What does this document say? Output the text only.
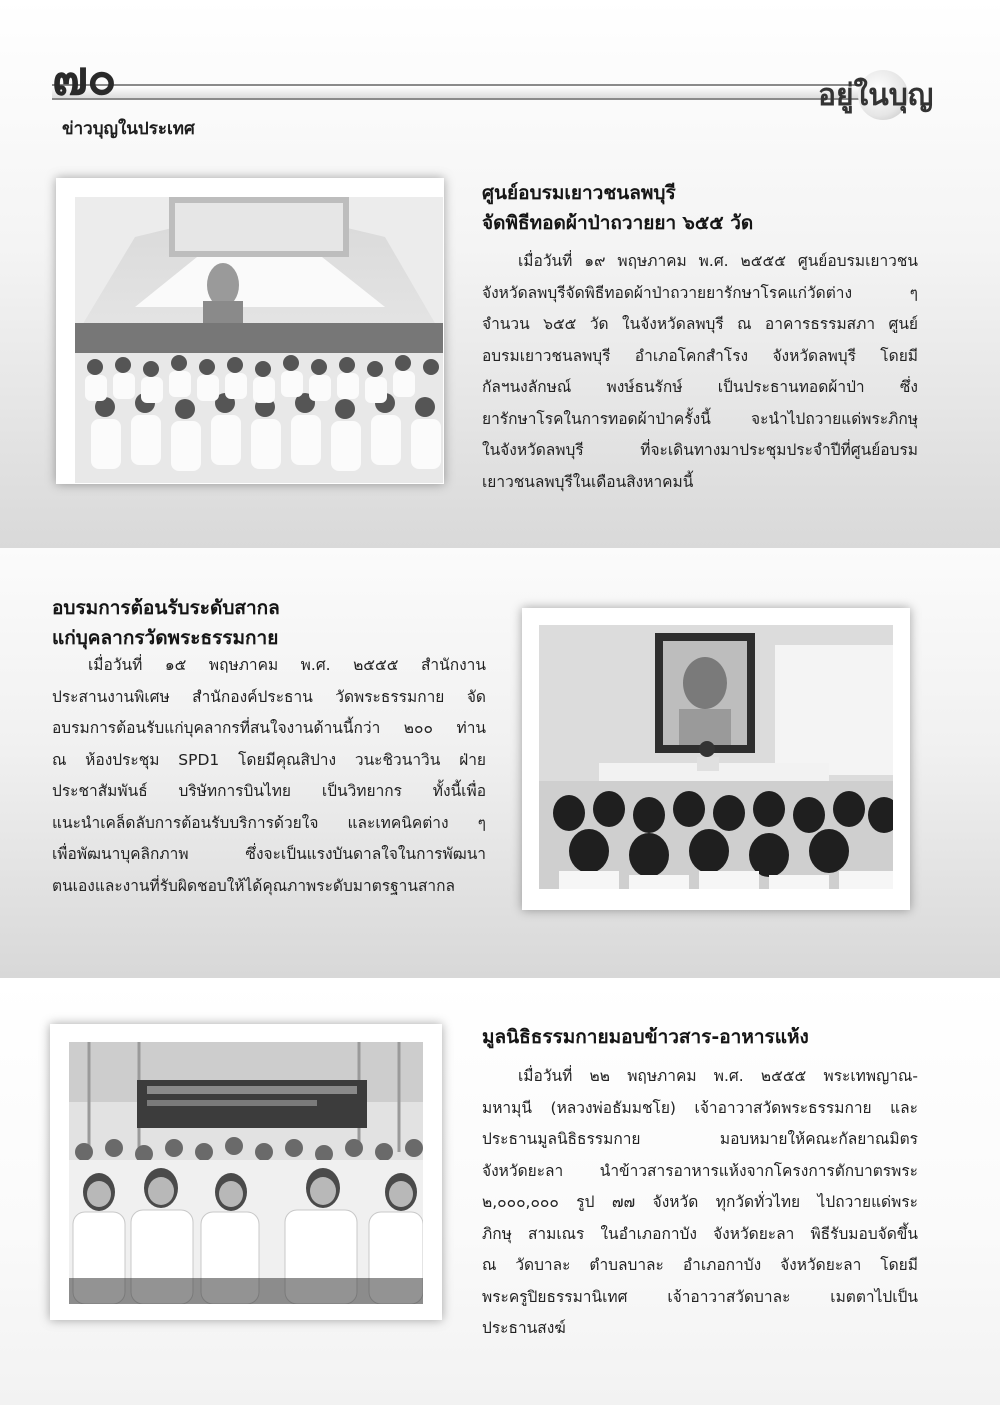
๗๐	อยู่ในบุญ
ข่าวบุญในประเทศ
ศูนย์อบรมเยาวชนลพบุรี
จัดพิธีทอดผ้าป่าถวายยา ๖๕๕ วัด
เมื่อวันที่ ๑๙ พฤษภาคม พ.ศ. ๒๕๕๕ ศูนย์อบรมเยาวชน
จังหวัดลพบุรีจัดพิธีทอดผ้าป่าถวายยารักษาโรคแก่วัดต่าง ๆ
จำนวน ๖๕๕ วัด ในจังหวัดลพบุรี ณ อาคารธรรมสภา ศูนย์
อบรมเยาวชนลพบุรี อำเภอโคกสำโรง จังหวัดลพบุรี โดยมี
กัลฯนงลักษณ์ พงษ์ธนรักษ์ เป็นประธานทอดผ้าป่า ซึ่ง
ยารักษาโรคในการทอดผ้าป่าครั้งนี้ จะนำไปถวายแด่พระภิกษุ
ในจังหวัดลพบุรี ที่จะเดินทางมาประชุมประจำปีที่ศูนย์อบรม
เยาวชนลพบุรีในเดือนสิงหาคมนี้
อบรมการต้อนรับระดับสากล
แก่บุคลากรวัดพระธรรมกาย
เมื่อวันที่ ๑๕ พฤษภาคม พ.ศ. ๒๕๕๕ สำนักงาน
ประสานงานพิเศษ สำนักองค์ประธาน วัดพระธรรมกาย จัด
อบรมการต้อนรับแก่บุคลากรที่สนใจงานด้านนี้กว่า ๒๐๐ ท่าน
ณ ห้องประชุม SPD1 โดยมีคุณสิปาง วนะชิวนาวิน ฝ่าย
ประชาสัมพันธ์ บริษัทการบินไทย เป็นวิทยากร ทั้งนี้เพื่อ
แนะนำเคล็ดลับการต้อนรับบริการด้วยใจ และเทคนิคต่าง ๆ
เพื่อพัฒนาบุคลิกภาพ ซึ่งจะเป็นแรงบันดาลใจในการพัฒนา
ตนเองและงานที่รับผิดชอบให้ได้คุณภาพระดับมาตรฐานสากล
มูลนิธิธรรมกายมอบข้าวสาร-อาหารแห้ง
เมื่อวันที่ ๒๒ พฤษภาคม พ.ศ. ๒๕๕๕ พระเทพญาณ-
มหามุนี (หลวงพ่อธัมมชโย) เจ้าอาวาสวัดพระธรรมกาย และ
ประธานมูลนิธิธรรมกาย มอบหมายให้คณะกัลยาณมิตร
จังหวัดยะลา นำข้าวสารอาหารแห้งจากโครงการตักบาตรพระ
๒,๐๐๐,๐๐๐ รูป ๗๗ จังหวัด ทุกวัดทั่วไทย ไปถวายแด่พระ
ภิกษุ สามเณร ในอำเภอกาบัง จังหวัดยะลา พิธีรับมอบจัดขึ้น
ณ วัดบาละ ตำบลบาละ อำเภอกาบัง จังหวัดยะลา โดยมี
พระครูปิยธรรมานิเทศ เจ้าอาวาสวัดบาละ เมตตาไปเป็น
ประธานสงฆ์
